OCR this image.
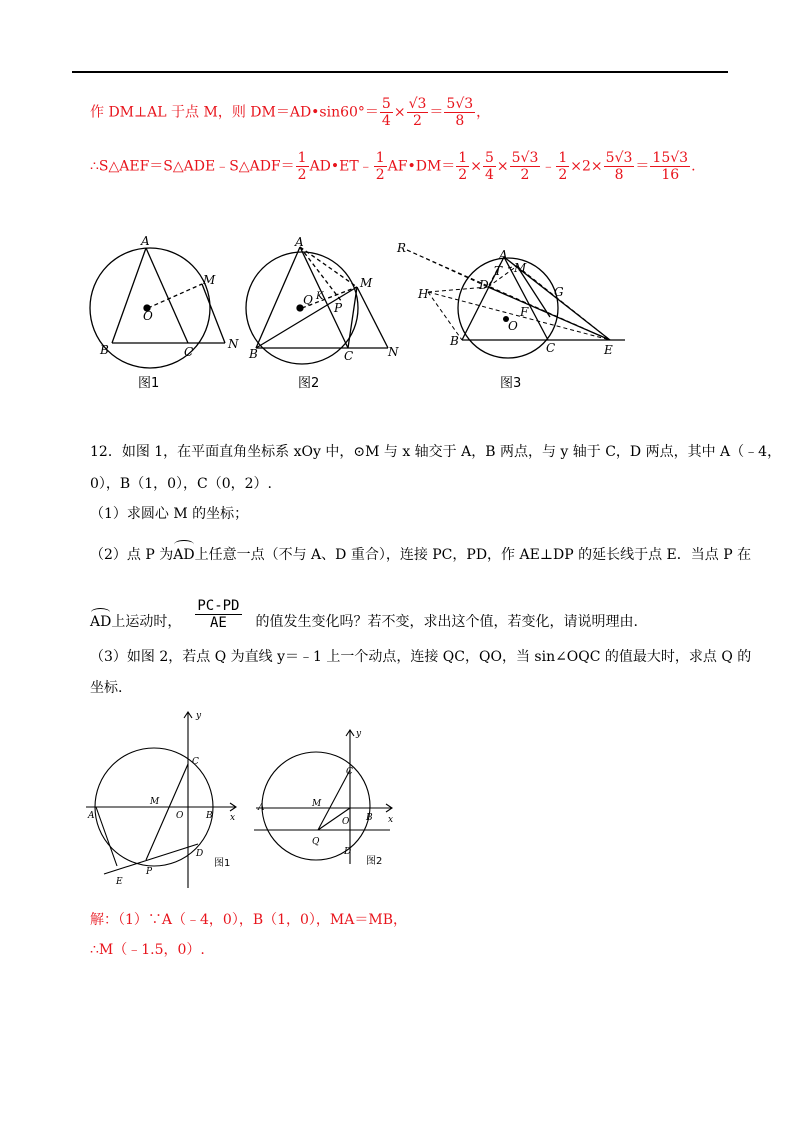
作 DM⊥AL 于点 M，则 DM＝AD•sin60°＝ $\frac{5}{4} \times \frac{√3}{2} = \frac{5√3}{8}$ ，
∴S△AEF＝S△ADE﹣S△ADF＝ $\frac{1}{2}$ AD•ET﹣ $\frac{1}{2}$ AF•DM＝ $\frac{1}{2} \times \frac{5}{4} \times \frac{5√3}{2}$ ﹣ $\frac{1}{2} \times 2\times \frac{5√3}{8} = \frac{15√3}{16}$ .
A
M
O
B	C
N
图1
A
M
Q K
P
B	C	N
图2
R	A
T M
H
D	G
F
O
B	C	E
图3
12．如图 1，在平面直角坐标系 xOy 中，⊙M 与 x 轴交于 A，B 两点，与 y 轴于 C，D 两点，其中 A（﹣4，
0），B（1，0），C（0，2）.
（1）求圆心 M 的坐标；
（2）点 P 为AD上任意一点（不与 A、D 重合），连接 PC，PD，作 AE⊥DP 的延长线于点 E．当点 P 在
AD上运动时， $\frac{PC-PD}{AE}$ 的值发生变化吗？若不变，求出这个值，若变化，请说明理由.
（3）如图 2，若点 Q 为直线 y＝﹣1 上一个动点，连接 QC，QO，当 sin∠OQC 的值最大时，求点 Q 的
坐标.
y
C
M
A	O	B x
D
E
P
图1
y
C
A	M
O B x
Q
D
图2
解：（1）∵A（﹣4，0），B（1，0），MA＝MB，
∴M（﹣1.5，0）.
